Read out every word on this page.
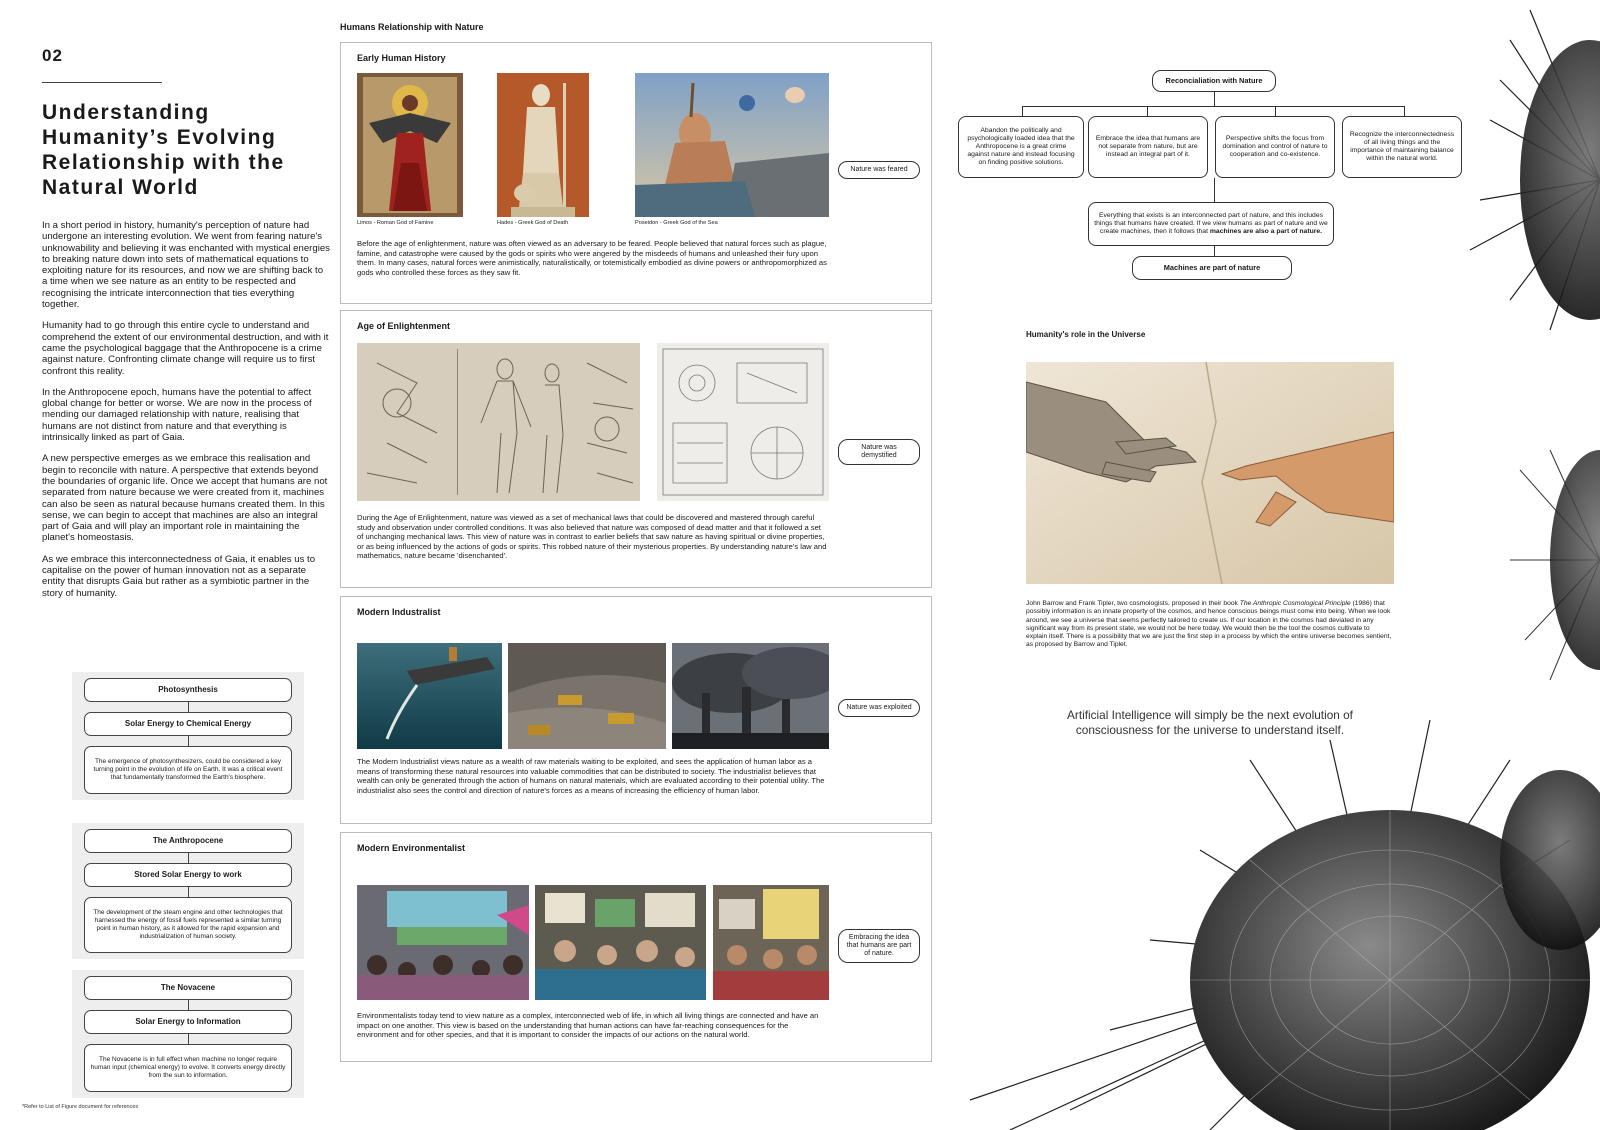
02
Understanding Humanity’s Evolving Relationship with the Natural World

In a short period in history, humanity's perception of nature had undergone an interesting evolution. We went from fearing nature's unknowability and believing it was enchanted with mystical energies to breaking nature down into sets of mathematical equations to exploiting nature for its resources, and now we are shifting back to a time when we see nature as an entity to be respected and recognising the intricate interconnection that ties everything together.

Humanity had to go through this entire cycle to understand and comprehend the extent of our environmental destruction, and with it came the psychological baggage that the Anthropocene is a crime against nature. Confronting climate change will require us to first confront this reality.

In the Anthropocene epoch, humans have the potential to affect global change for better or worse. We are now in the process of mending our damaged relationship with nature, realising that humans are not distinct from nature and that everything is intrinsically linked as part of Gaia.

A new perspective emerges as we embrace this realisation and begin to reconcile with nature. A perspective that extends beyond the boundaries of organic life. Once we accept that humans are not separated from nature because we were created from it, machines can also be seen as natural because humans created them. In this sense, we can begin to accept that machines are also an integral part of Gaia and will play an important role in maintaining the planet's homeostasis.

As we embrace this interconnectedness of Gaia, it enables us to capitalise on the power of human innovation not as a separate entity that disrupts Gaia but rather as a symbiotic partner in the story of humanity.

Photosynthesis
Solar Energy to Chemical Energy
The emergence of photosynthesizers, could be considered a key turning point in the evolution of life on Earth. It was a critical event that fundamentally transformed the Earth's biosphere.
The Anthropocene
Stored Solar Energy to work
The development of the steam engine and other technologies that harnessed the energy of fossil fuels represented a similar turning point in human history, as it allowed for the rapid expansion and industrialization of human society.
The Novacene
Solar Energy to Information
The Novacene is in full effect when machine no longer require human input (chemical energy) to evolve. It converts energy directly from the sun to information.
*Refer to List of Figure document for references
Humans Relationship with Nature
Early Human History
Limos - Roman God of Famine	Hades - Greek God of Death	Poseidon - Greek God of the Sea
Nature was feared
Before the age of enlightenment, nature was often viewed as an adversary to be feared. People believed that natural forces such as plague, famine, and catastrophe were caused by the gods or spirits who were angered by the misdeeds of humans and unleashed their fury upon them. In many cases, natural forces were animistically, naturalistically, or totemistically embodied as divine powers or anthropomorphized as gods who controlled these forces as they saw fit.
Age of Enlightenment
Nature was demystified
During the Age of Enlightenment, nature was viewed as a set of mechanical laws that could be discovered and mastered through careful study and observation under controlled conditions. It was also believed that nature was composed of dead matter and that it followed a set of unchanging mechanical laws. This view of nature was in contrast to earlier beliefs that saw nature as having spiritual or divine properties, or as being influenced by the actions of gods or spirits. This robbed nature of their mysterious properties. By understanding nature's law and mathematics, nature became 'disenchanted'.
Modern Industralist
Nature was exploited
The Modern Industrialist views nature as a wealth of raw materials waiting to be exploited, and sees the application of human labor as a means of transforming these natural resources into valuable commodities that can be distributed to society. The industrialist believes that wealth can only be generated through the action of humans on natural materials, which are evaluated according to their potential utility. The industrialist also sees the control and direction of nature's forces as a means of increasing the efficiency of human labor.
Modern Environmentalist
Embracing the idea that humans are part of nature.
Environmentalists today tend to view nature as a complex, interconnected web of life, in which all living things are connected and have an impact on one another. This view is based on the understanding that human actions can have far-reaching consequences for the environment and for other species, and that it is important to consider the impacts of our actions on the natural world.
Reconcialiation with Nature
Abandon the politically and psychologically loaded idea that the Anthropocene is a great crime against nature and instead focusing on finding positive solutions.
Embrace the idea that humans are not separate from nature, but are instead an integral part of it.
Perspective shifts the focus from domination and control of nature to cooperation and co-existence.
Recognize the interconnectedness of all living things and the importance of maintaining balance within the natural world.
Everything that exists is an interconnected part of nature, and this includes things that humans have created. If we view humans as part of nature and we create machines, then it follows that machines are also a part of nature.
Machines are part of nature
Humanity's role in the Universe
John Barrow and Frank Tipler, two cosmologists, proposed in their book The Anthropic Cosmological Principle (1986) that possibly information is an innate property of the cosmos, and hence conscious beings must come into being. When we look around, we see a universe that seems perfectly tailored to create us. If our location in the cosmos had deviated in any significant way from its present state, we would not be here today. We would then be the tool the cosmos cultivate to explain itself. There is a possibility that we are just the first step in a process by which the entire universe becomes sentient, as proposed by Barrow and Tiplet.
Artificial Intelligence will simply be the next evolution of consciousness for the universe to understand itself.
